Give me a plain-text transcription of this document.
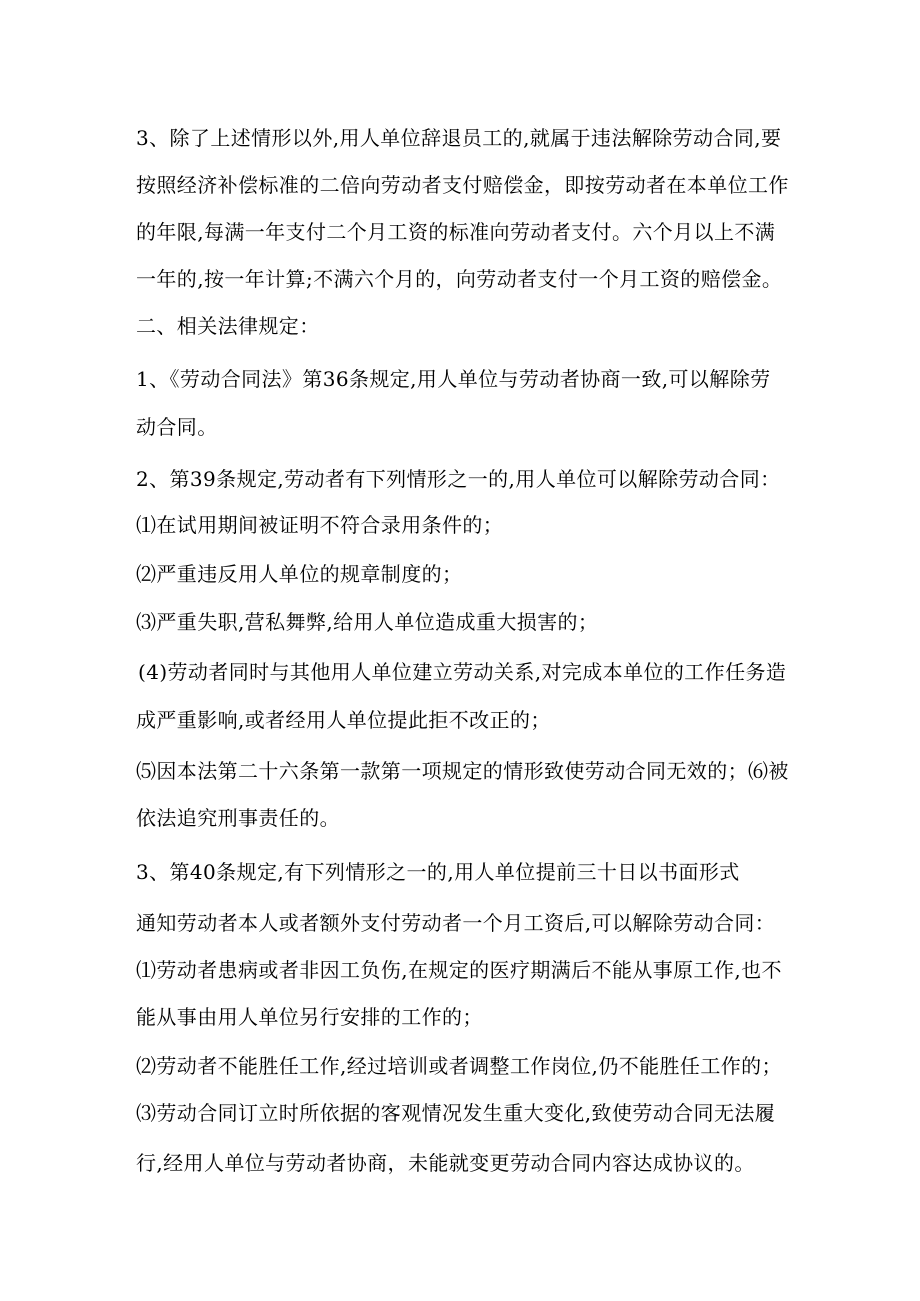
3、除了上述情形以外,用人单位辞退员工的,就属于违法解除劳动合同,要

按照经济补偿标准的二倍向劳动者支付赔偿金，即按劳动者在本单位工作

的年限,每满一年支付二个月工资的标准向劳动者支付。六个月以上不满

一年的,按一年计算;不满六个月的，向劳动者支付一个月工资的赔偿金。

二、相关法律规定：

1、《劳动合同法》第36条规定,用人单位与劳动者协商一致,可以解除劳

动合同。

2、第39条规定,劳动者有下列情形之一的,用人单位可以解除劳动合同：

⑴在试用期间被证明不符合录用条件的；

⑵严重违反用人单位的规章制度的；

⑶严重失职,营私舞弊,给用人单位造成重大损害的；

(4)劳动者同时与其他用人单位建立劳动关系,对完成本单位的工作任务造

成严重影响,或者经用人单位提此拒不改正的；

⑸因本法第二十六条第一款第一项规定的情形致使劳动合同无效的；⑹被

依法追究刑事责任的。

3、第40条规定,有下列情形之一的,用人单位提前三十日以书面形式

通知劳动者本人或者额外支付劳动者一个月工资后,可以解除劳动合同：

⑴劳动者患病或者非因工负伤,在规定的医疗期满后不能从事原工作,也不

能从事由用人单位另行安排的工作的；

⑵劳动者不能胜任工作,经过培训或者调整工作岗位,仍不能胜任工作的；

⑶劳动合同订立时所依据的客观情况发生重大变化,致使劳动合同无法履

行,经用人单位与劳动者协商，未能就变更劳动合同内容达成协议的。
